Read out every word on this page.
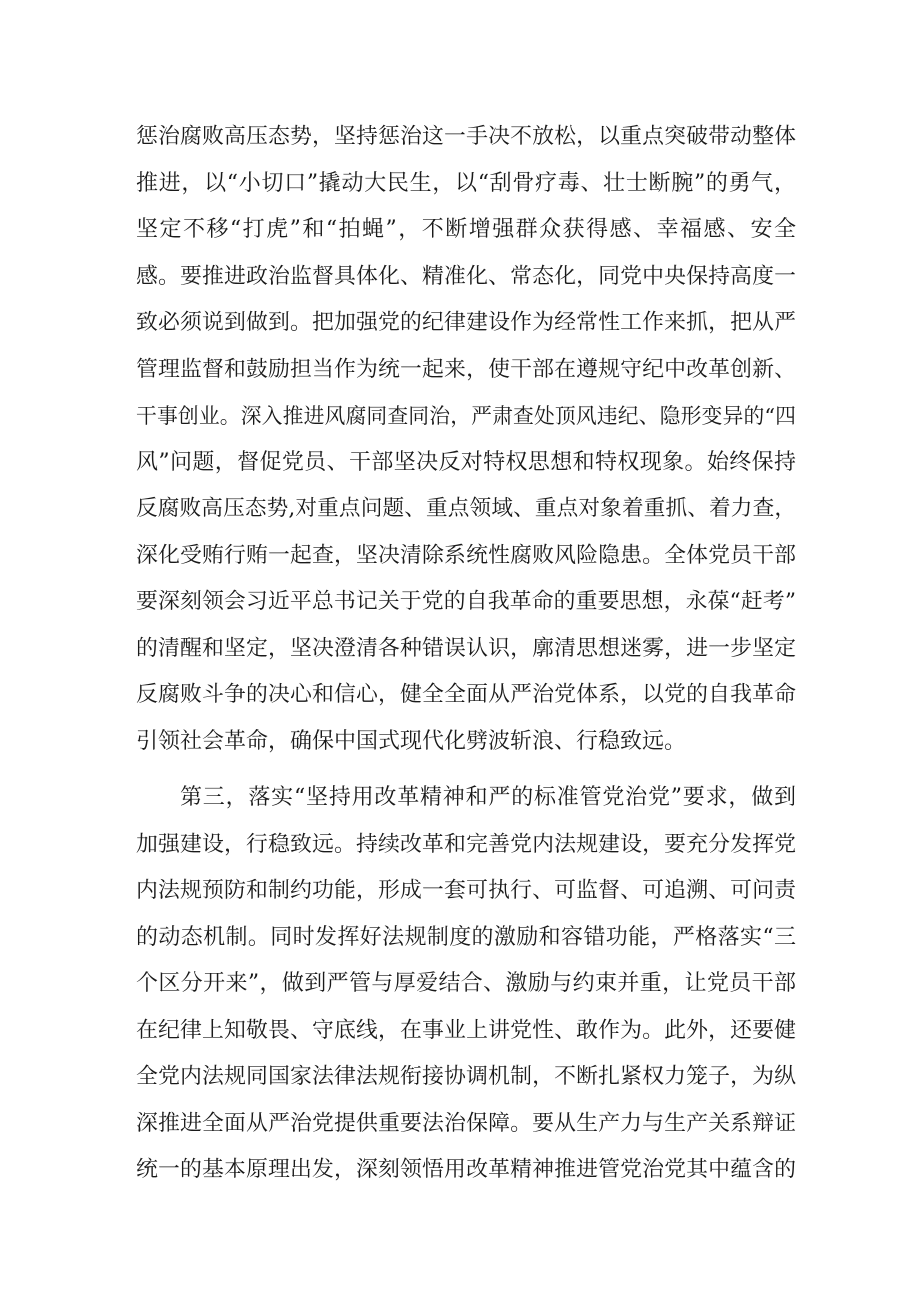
惩治腐败高压态势，坚持惩治这一手决不放松，以重点突破带动整体
推进，以“小切口”撬动大民生，以“刮骨疗毒、壮士断腕”的勇气，
坚定不移“打虎”和“拍蝇”，不断增强群众获得感、幸福感、安全
感。要推进政治监督具体化、精准化、常态化，同党中央保持高度一
致必须说到做到。把加强党的纪律建设作为经常性工作来抓，把从严
管理监督和鼓励担当作为统一起来，使干部在遵规守纪中改革创新、
干事创业。深入推进风腐同查同治，严肃查处顶风违纪、隐形变异的“四
风”问题，督促党员、干部坚决反对特权思想和特权现象。始终保持
反腐败高压态势,对重点问题、重点领域、重点对象着重抓、着力查，
深化受贿行贿一起查，坚决清除系统性腐败风险隐患。全体党员干部
要深刻领会习近平总书记关于党的自我革命的重要思想，永葆“赶考”
的清醒和坚定，坚决澄清各种错误认识，廓清思想迷雾，进一步坚定
反腐败斗争的决心和信心，健全全面从严治党体系，以党的自我革命
引领社会革命，确保中国式现代化劈波斩浪、行稳致远。
第三，落实“坚持用改革精神和严的标准管党治党”要求，做到
加强建设，行稳致远。持续改革和完善党内法规建设，要充分发挥党
内法规预防和制约功能，形成一套可执行、可监督、可追溯、可问责
的动态机制。同时发挥好法规制度的激励和容错功能，严格落实“三
个区分开来”，做到严管与厚爱结合、激励与约束并重，让党员干部
在纪律上知敬畏、守底线，在事业上讲党性、敢作为。此外，还要健
全党内法规同国家法律法规衔接协调机制，不断扎紧权力笼子，为纵
深推进全面从严治党提供重要法治保障。要从生产力与生产关系辩证
统一的基本原理出发，深刻领悟用改革精神推进管党治党其中蕴含的
